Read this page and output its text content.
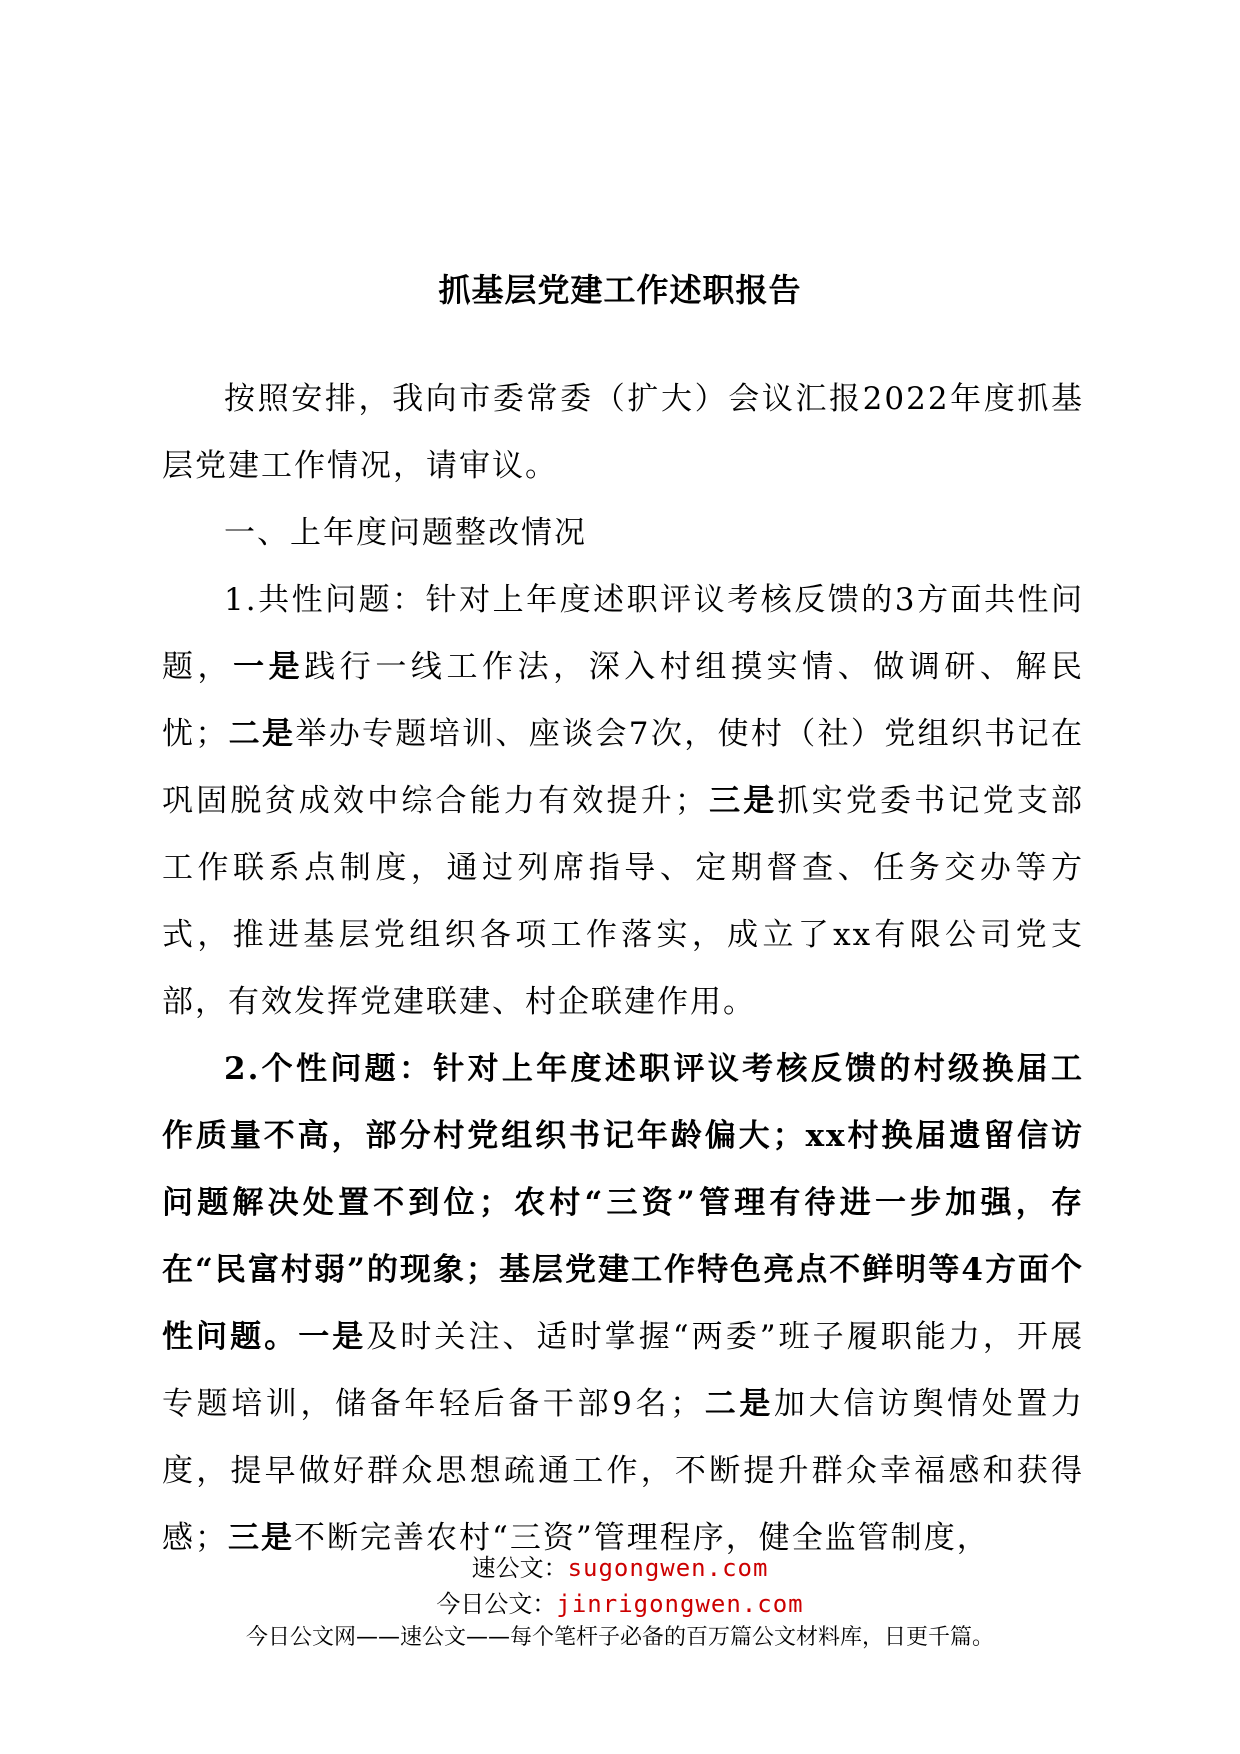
抓基层党建工作述职报告

按照安排，我向市委常委（扩大）会议汇报2022年度抓基层党建工作情况，请审议。

一、上年度问题整改情况

1.共性问题：针对上年度述职评议考核反馈的3方面共性问题，一是践行一线工作法，深入村组摸实情、做调研、解民忧；二是举办专题培训、座谈会7次，使村（社）党组织书记在巩固脱贫成效中综合能力有效提升；三是抓实党委书记党支部工作联系点制度，通过列席指导、定期督查、任务交办等方式，推进基层党组织各项工作落实，成立了xx有限公司党支部，有效发挥党建联建、村企联建作用。

2.个性问题：针对上年度述职评议考核反馈的村级换届工作质量不高，部分村党组织书记年龄偏大；xx村换届遗留信访问题解决处置不到位；农村“三资”管理有待进一步加强，存在“民富村弱”的现象；基层党建工作特色亮点不鲜明等4方面个性问题。一是及时关注、适时掌握“两委”班子履职能力，开展专题培训，储备年轻后备干部9名；二是加大信访舆情处置力度，提早做好群众思想疏通工作，不断提升群众幸福感和获得感；三是不断完善农村“三资”管理程序，健全监管制度，

速公文：sugongwen.com
今日公文：jinrigongwen.com
今日公文网——速公文——每个笔杆子必备的百万篇公文材料库，日更千篇。
